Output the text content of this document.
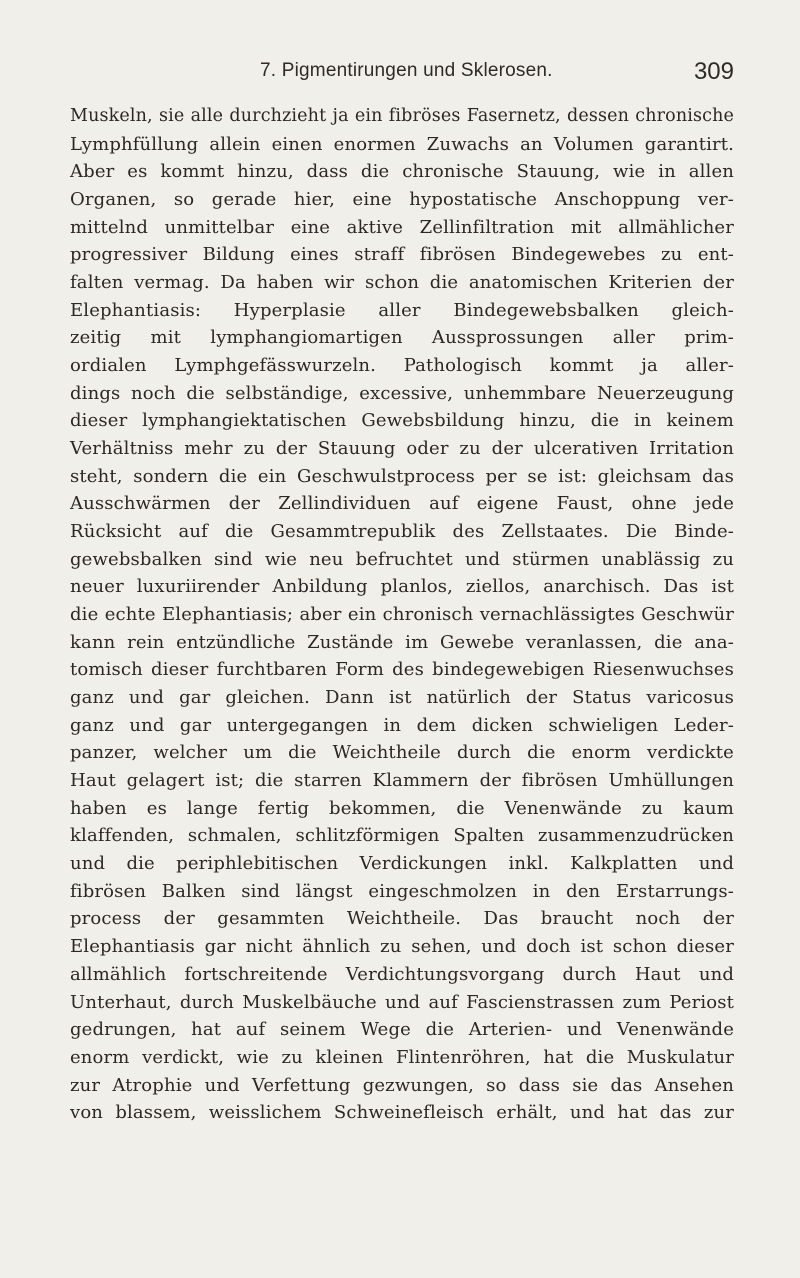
7. Pigmentirungen und Sklerosen.	309
Muskeln, sie alle durchzieht ja ein fibröses Fasernetz, dessen chronische
Lymphfüllung allein einen enormen Zuwachs an Volumen garantirt.
Aber es kommt hinzu, dass die chronische Stauung, wie in allen
Organen, so gerade hier, eine hypostatische Anschoppung ver-
mittelnd unmittelbar eine aktive Zellinfiltration mit allmählicher
progressiver Bildung eines straff fibrösen Bindegewebes zu ent-
falten vermag. Da haben wir schon die anatomischen Kriterien der
Elephantiasis: Hyperplasie aller Bindegewebsbalken gleich-
zeitig mit lymphangiomartigen Aussprossungen aller prim-
ordialen Lymphgefässwurzeln. Pathologisch kommt ja aller-
dings noch die selbständige, excessive, unhemmbare Neuerzeugung
dieser lymphangiektatischen Gewebsbildung hinzu, die in keinem
Verhältniss mehr zu der Stauung oder zu der ulcerativen Irritation
steht, sondern die ein Geschwulstprocess per se ist: gleichsam das
Ausschwärmen der Zellindividuen auf eigene Faust, ohne jede
Rücksicht auf die Gesammtrepublik des Zellstaates. Die Binde-
gewebsbalken sind wie neu befruchtet und stürmen unablässig zu
neuer luxuriirender Anbildung planlos, ziellos, anarchisch. Das ist
die echte Elephantiasis; aber ein chronisch vernachlässigtes Geschwür
kann rein entzündliche Zustände im Gewebe veranlassen, die ana-
tomisch dieser furchtbaren Form des bindegewebigen Riesenwuchses
ganz und gar gleichen. Dann ist natürlich der Status varicosus
ganz und gar untergegangen in dem dicken schwieligen Leder-
panzer, welcher um die Weichtheile durch die enorm verdickte
Haut gelagert ist; die starren Klammern der fibrösen Umhüllungen
haben es lange fertig bekommen, die Venenwände zu kaum
klaffenden, schmalen, schlitzförmigen Spalten zusammenzudrücken
und die periphlebitischen Verdickungen inkl. Kalkplatten und
fibrösen Balken sind längst eingeschmolzen in den Erstarrungs-
process der gesammten Weichtheile. Das braucht noch der
Elephantiasis gar nicht ähnlich zu sehen, und doch ist schon dieser
allmählich fortschreitende Verdichtungsvorgang durch Haut und
Unterhaut, durch Muskelbäuche und auf Fascienstrassen zum Periost
gedrungen, hat auf seinem Wege die Arterien- und Venenwände
enorm verdickt, wie zu kleinen Flintenröhren, hat die Muskulatur
zur Atrophie und Verfettung gezwungen, so dass sie das Ansehen
von blassem, weisslichem Schweinefleisch erhält, und hat das zur
